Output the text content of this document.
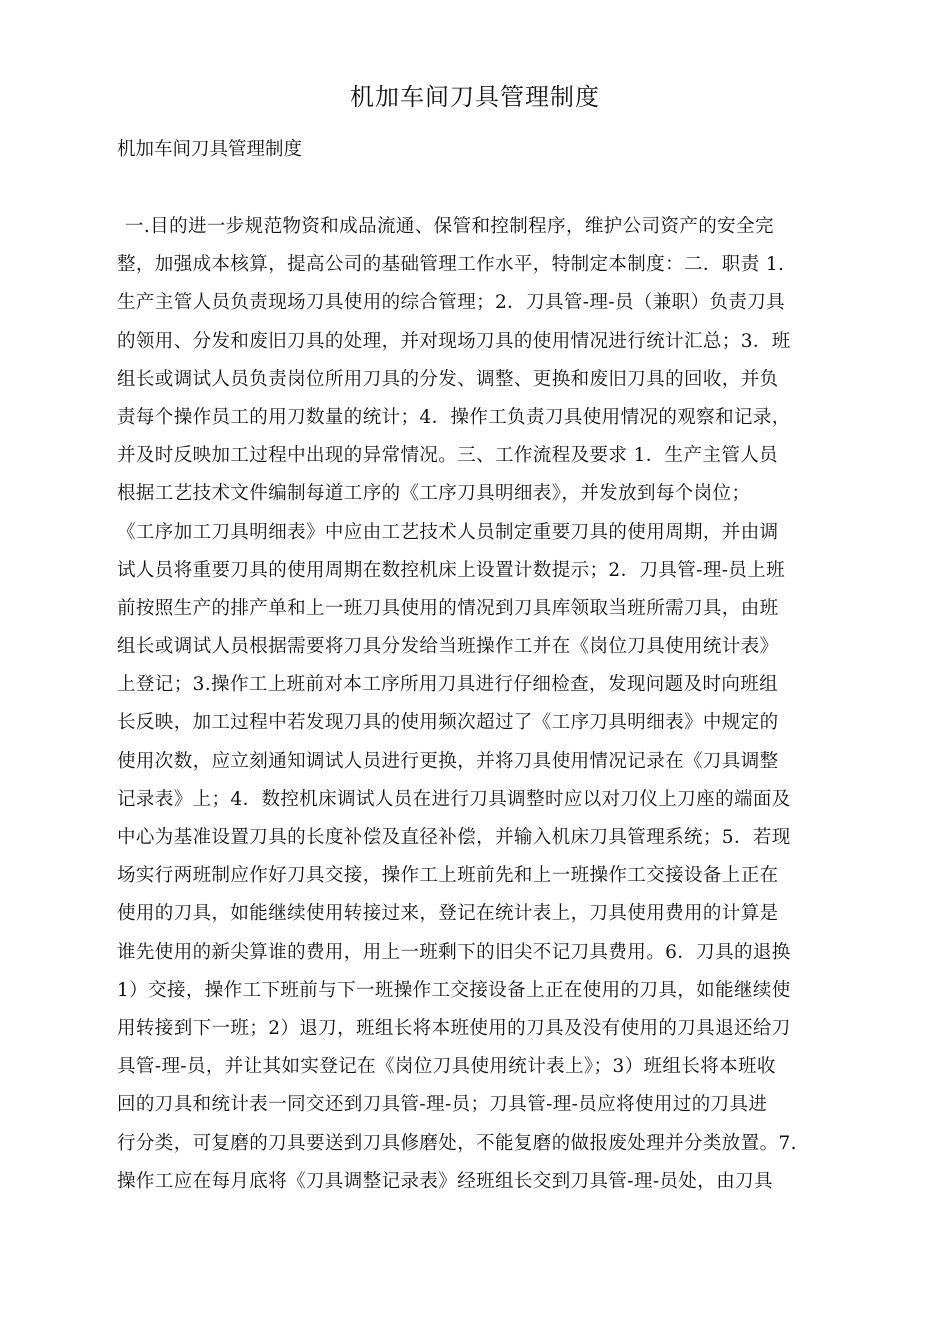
机加车间刀具管理制度
机加车间刀具管理制度
一.目的进一步规范物资和成品流通、保管和控制程序，维护公司资产的安全完
整，加强成本核算，提高公司的基础管理工作水平，特制定本制度：二．职责 1.
生产主管人员负责现场刀具使用的综合管理；2．刀具管-理-员（兼职）负责刀具
的领用、分发和废旧刀具的处理，并对现场刀具的使用情况进行统计汇总；3．班
组长或调试人员负责岗位所用刀具的分发、调整、更换和废旧刀具的回收，并负
责每个操作员工的用刀数量的统计；4．操作工负责刀具使用情况的观察和记录，
并及时反映加工过程中出现的异常情况。三、工作流程及要求 1．生产主管人员
根据工艺技术文件编制每道工序的《工序刀具明细表》，并发放到每个岗位；
《工序加工刀具明细表》中应由工艺技术人员制定重要刀具的使用周期，并由调
试人员将重要刀具的使用周期在数控机床上设置计数提示；2．刀具管-理-员上班
前按照生产的排产单和上一班刀具使用的情况到刀具库领取当班所需刀具，由班
组长或调试人员根据需要将刀具分发给当班操作工并在《岗位刀具使用统计表》
上登记；3.操作工上班前对本工序所用刀具进行仔细检查，发现问题及时向班组
长反映，加工过程中若发现刀具的使用频次超过了《工序刀具明细表》中规定的
使用次数，应立刻通知调试人员进行更换，并将刀具使用情况记录在《刀具调整
记录表》上；4．数控机床调试人员在进行刀具调整时应以对刀仪上刀座的端面及
中心为基准设置刀具的长度补偿及直径补偿，并输入机床刀具管理系统；5．若现
场实行两班制应作好刀具交接，操作工上班前先和上一班操作工交接设备上正在
使用的刀具，如能继续使用转接过来，登记在统计表上，刀具使用费用的计算是
谁先使用的新尖算谁的费用，用上一班剩下的旧尖不记刀具费用。6．刀具的退换
1）交接，操作工下班前与下一班操作工交接设备上正在使用的刀具，如能继续使
用转接到下一班；2）退刀，班组长将本班使用的刀具及没有使用的刀具退还给刀
具管-理-员，并让其如实登记在《岗位刀具使用统计表上》；3）班组长将本班收
回的刀具和统计表一同交还到刀具管-理-员；刀具管-理-员应将使用过的刀具进
行分类，可复磨的刀具要送到刀具修磨处，不能复磨的做报废处理并分类放置。7.
操作工应在每月底将《刀具调整记录表》经班组长交到刀具管-理-员处，由刀具
